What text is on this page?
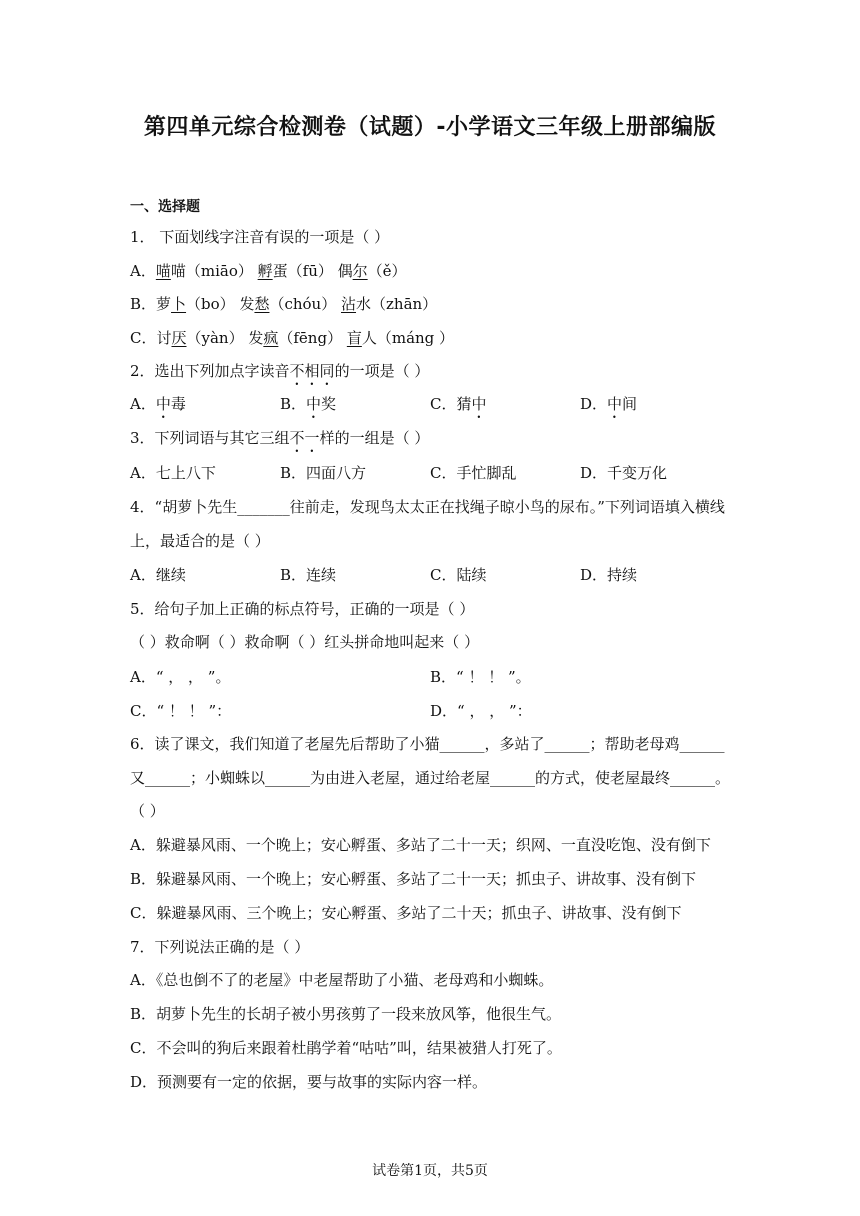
第四单元综合检测卷（试题）-小学语文三年级上册部编版
一、选择题
1． 下面划线字注音有误的一项是（ ）
A．喵喵（miāo） 孵蛋（fū） 偶尔（ě）
B．萝卜（bo） 发愁（chóu） 沾水（zhān）
C．讨厌（yàn） 发疯（fēng） 盲人（máng ）
2．选出下列加点字读音不相同的一项是（ ）
A．中毒	B．中奖	C．猜中	D．中间
3．下列词语与其它三组不一样的一组是（ ）
A．七上八下	B．四面八方	C．手忙脚乱	D．千变万化
4．“胡萝卜先生_______往前走，发现鸟太太正在找绳子晾小鸟的尿布。”下列词语填入横线
上，最适合的是（ ）
A．继续	B．连续	C．陆续	D．持续
5．给句子加上正确的标点符号，正确的一项是（ ）
（ ）救命啊（ ）救命啊（ ）红头拼命地叫起来（ ）
A．“ ， ， ”。	B．“ ！ ！ ”。
C．“ ！ ！ ”：	D．“ ， ， ”：
6．读了课文，我们知道了老屋先后帮助了小猫______，多站了______；帮助老母鸡______
又______；小蜘蛛以______为由进入老屋，通过给老屋______的方式，使老屋最终______。
（ ）
A．躲避暴风雨、一个晚上；安心孵蛋、多站了二十一天；织网、一直没吃饱、没有倒下
B．躲避暴风雨、一个晚上；安心孵蛋、多站了二十一天；抓虫子、讲故事、没有倒下
C．躲避暴风雨、三个晚上；安心孵蛋、多站了二十天；抓虫子、讲故事、没有倒下
7．下列说法正确的是（ ）
A．《总也倒不了的老屋》中老屋帮助了小猫、老母鸡和小蜘蛛。
B．胡萝卜先生的长胡子被小男孩剪了一段来放风筝，他很生气。
C．不会叫的狗后来跟着杜鹃学着“咕咕”叫，结果被猎人打死了。
D．预测要有一定的依据，要与故事的实际内容一样。
试卷第1页，共5页
